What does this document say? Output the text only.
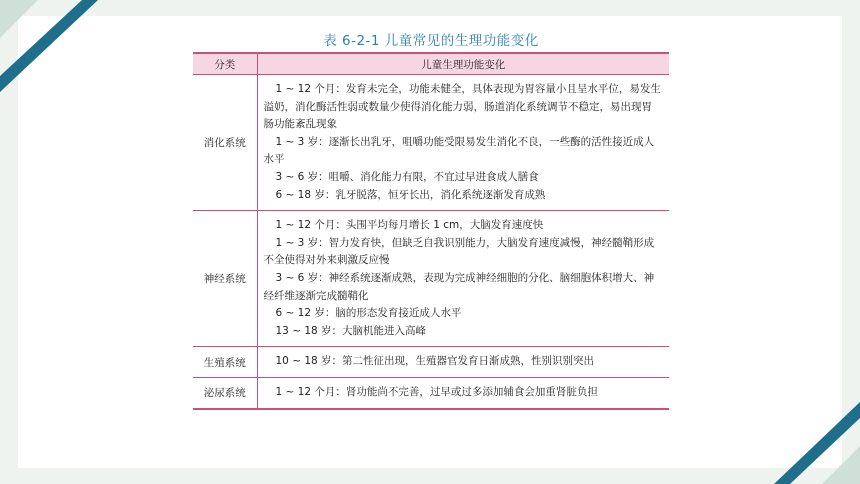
表 6-2-1 儿童常见的生理功能变化
分类	儿童生理功能变化
消化系统	1 ~ 12 个月：发育未完全，功能未健全，具体表现为胃容量小且呈水平位，易发生溢奶，消化酶活性弱或数量少使得消化能力弱，肠道消化系统调节不稳定，易出现胃肠功能紊乱现象
1 ~ 3 岁：逐渐长出乳牙，咀嚼功能受限易发生消化不良，一些酶的活性接近成人水平
3 ~ 6 岁：咀嚼、消化能力有限，不宜过早进食成人膳食
6 ~ 18 岁：乳牙脱落，恒牙长出，消化系统逐渐发育成熟

神经系统	1 ~ 12 个月：头围平均每月增长 1 cm，大脑发育速度快
1 ~ 3 岁：智力发育快，但缺乏自我识别能力，大脑发育速度减慢，神经髓鞘形成不全使得对外来刺激反应慢
3 ~ 6 岁：神经系统逐渐成熟，表现为完成神经细胞的分化、脑细胞体积增大、神经纤维逐渐完成髓鞘化
6 ~ 12 岁：脑的形态发育接近成人水平
13 ~ 18 岁：大脑机能进入高峰

生殖系统	10 ~ 18 岁：第二性征出现，生殖器官发育日渐成熟，性别识别突出

泌尿系统	1 ~ 12 个月：肾功能尚不完善，过早或过多添加辅食会加重肾脏负担
